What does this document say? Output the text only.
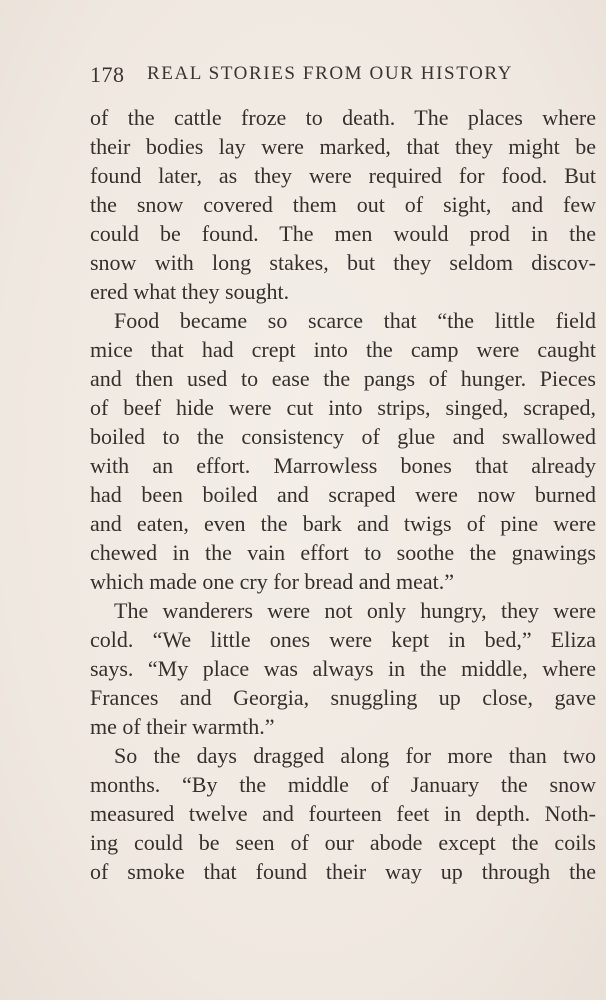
178 REAL STORIES FROM OUR HISTORY
of the cattle froze to death. The places where
their bodies lay were marked, that they might be
found later, as they were required for food. But
the snow covered them out of sight, and few
could be found. The men would prod in the
snow with long stakes, but they seldom discov-
ered what they sought.
Food became so scarce that “the little field
mice that had crept into the camp were caught
and then used to ease the pangs of hunger. Pieces
of beef hide were cut into strips, singed, scraped,
boiled to the consistency of glue and swallowed
with an effort. Marrowless bones that already
had been boiled and scraped were now burned
and eaten, even the bark and twigs of pine were
chewed in the vain effort to soothe the gnawings
which made one cry for bread and meat.”
The wanderers were not only hungry, they were
cold. “We little ones were kept in bed,” Eliza
says. “My place was always in the middle, where
Frances and Georgia, snuggling up close, gave
me of their warmth.”
So the days dragged along for more than two
months. “By the middle of January the snow
measured twelve and fourteen feet in depth. Noth-
ing could be seen of our abode except the coils
of smoke that found their way up through the
